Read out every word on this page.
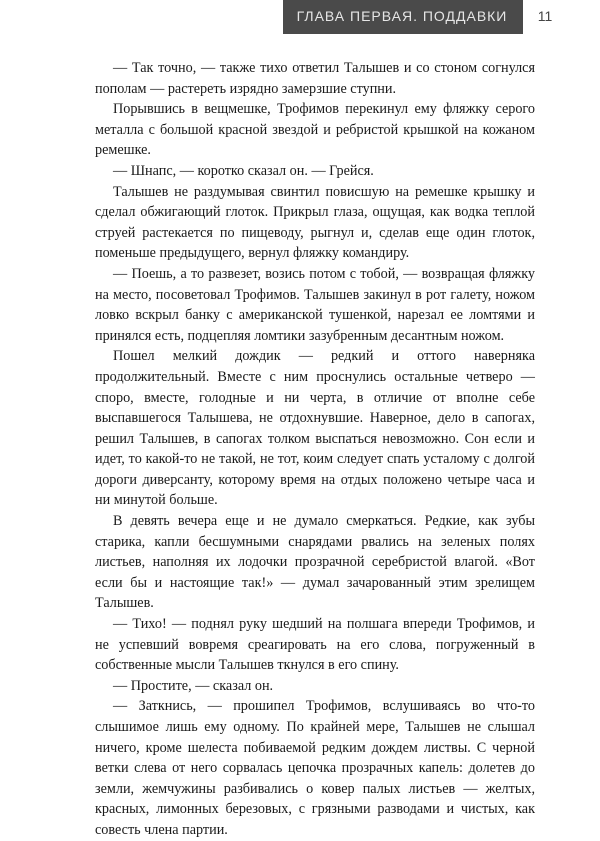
ГЛАВА ПЕРВАЯ. ПОДДАВКИ	11

— Так точно, — также тихо ответил Талышев и со стоном согнулся пополам — растереть изрядно замерзшие ступни.

Порывшись в вещмешке, Трофимов перекинул ему фляжку серого металла с большой красной звездой и ребристой крышкой на кожаном ремешке.

— Шнапс, — коротко сказал он. — Грейся.

Талышев не раздумывая свинтил повисшую на ремешке крышку и сделал обжигающий глоток. Прикрыл глаза, ощущая, как водка теплой струей растекается по пищеводу, рыгнул и, сделав еще один глоток, поменьше предыдущего, вернул фляжку командиру.

— Поешь, а то развезет, возись потом с тобой, — возвращая фляжку на место, посоветовал Трофимов. Талышев закинул в рот галету, ножом ловко вскрыл банку с американской тушенкой, нарезал ее ломтями и принялся есть, подцепляя ломтики зазубренным десантным ножом.

Пошел мелкий дождик — редкий и оттого наверняка продолжительный. Вместе с ним проснулись остальные четверо — споро, вместе, голодные и ни черта, в отличие от вполне себе выспавшегося Талышева, не отдохнувшие. Наверное, дело в сапогах, решил Талышев, в сапогах толком выспаться невозможно. Сон если и идет, то какой-то не такой, не тот, коим следует спать усталому с долгой дороги диверсанту, которому время на отдых положено четыре часа и ни минутой больше.

В девять вечера еще и не думало смеркаться. Редкие, как зубы старика, капли бесшумными снарядами рвались на зеленых полях листьев, наполняя их лодочки прозрачной серебристой влагой. «Вот если бы и настоящие так!» — думал зачарованный этим зрелищем Талышев.

— Тихо! — поднял руку шедший на полшага впереди Трофимов, и не успевший вовремя среагировать на его слова, погруженный в собственные мысли Талышев ткнулся в его спину.

— Простите, — сказал он.

— Заткнись, — прошипел Трофимов, вслушиваясь во что-то слышимое лишь ему одному. По крайней мере, Талышев не слышал ничего, кроме шелеста побиваемой редким дождем листвы. С черной ветки слева от него сорвалась цепочка прозрачных капель: долетев до земли, жемчужины разбивались о ковер палых листьев — желтых, красных, лимонных березовых, с грязными разводами и чистых, как совесть члена партии.
